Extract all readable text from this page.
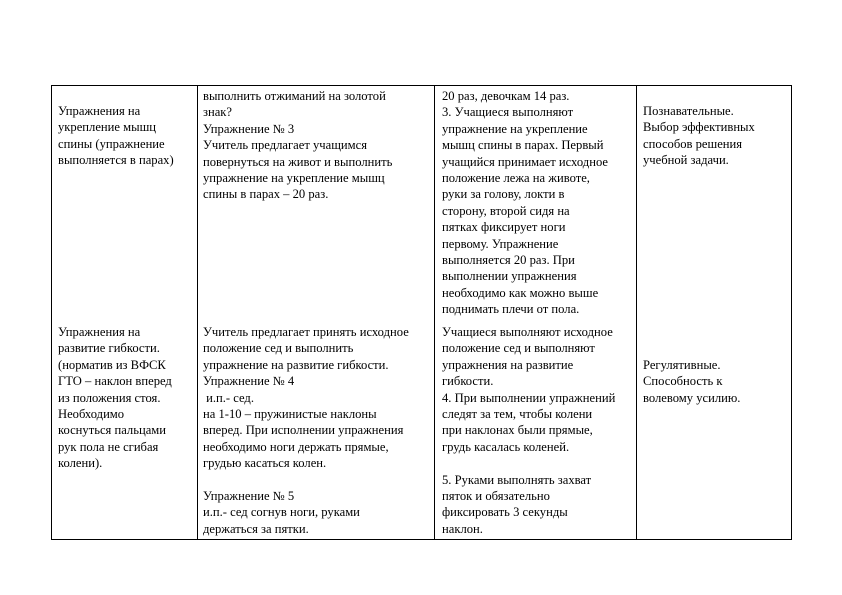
Упражнения на
укрепление мышц
спины (упражнение
выполняется в парах)
Упражнения на
развитие гибкости.
(норматив из ВФСК
ГТО – наклон вперед
из положения стоя.
Необходимо
коснуться пальцами
рук пола не сгибая
колени).
выполнить отжиманий на золотой
знак?
Упражнение № 3
Учитель предлагает учащимся
повернуться на живот и выполнить
упражнение на укрепление мышц
спины в парах – 20 раз.
Учитель предлагает принять исходное
положение сед и выполнить
упражнение на развитие гибкости.
Упражнение № 4
и.п.- сед.
на 1-10 – пружинистые наклоны
вперед. При исполнении упражнения
необходимо ноги держать прямые,
грудью касаться колен.
Упражнение № 5
и.п.- сед согнув ноги, руками
держаться за пятки.
20 раз, девочкам 14 раз.
3. Учащиеся выполняют
упражнение на укрепление
мышц спины в парах. Первый
учащийся принимает исходное
положение лежа на животе,
руки за голову, локти в
сторону, второй сидя на
пятках фиксирует ноги
первому. Упражнение
выполняется 20 раз. При
выполнении упражнения
необходимо как можно выше
поднимать плечи от пола.
Учащиеся выполняют исходное
положение сед и выполняют
упражнения на развитие
гибкости.
4. При выполнении упражнений
следят за тем, чтобы колени
при наклонах были прямые,
грудь касалась коленей.
5. Руками выполнять захват
пяток и обязательно
фиксировать 3 секунды
наклон.
Познавательные.
Выбор эффективных
способов решения
учебной задачи.
Регулятивные.
Способность к
волевому усилию.
